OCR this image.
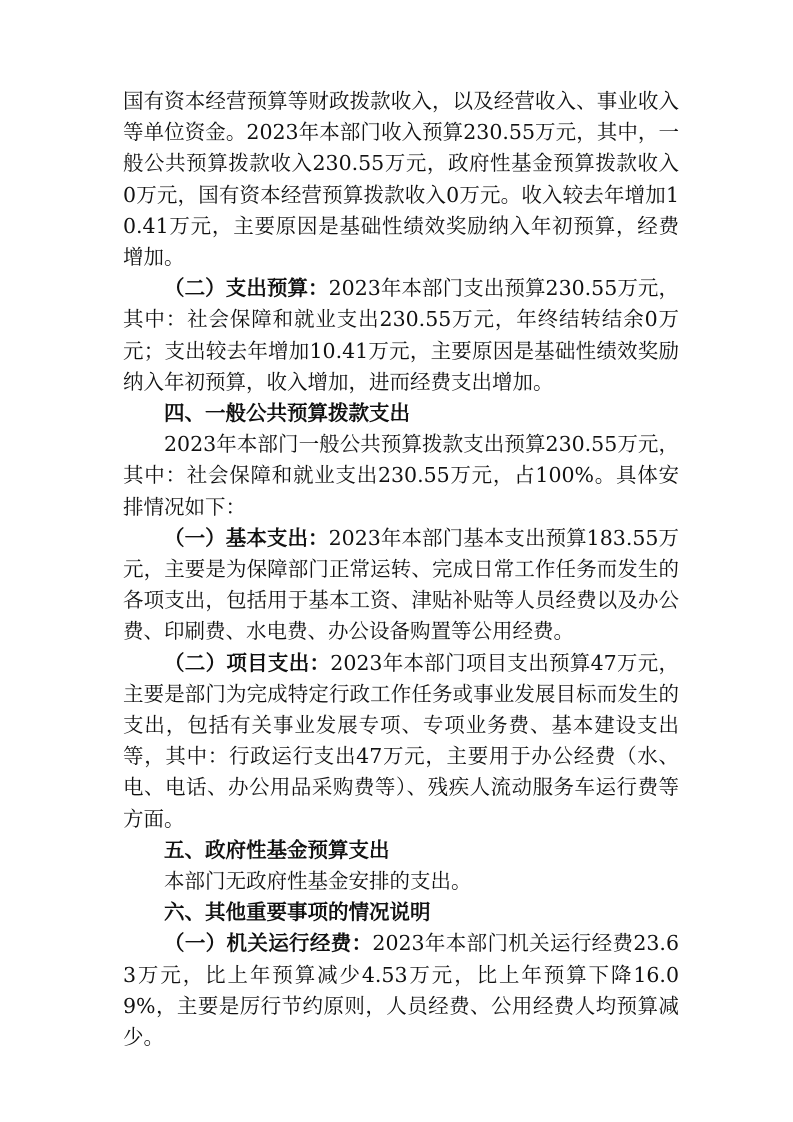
国有资本经营预算等财政拨款收入，以及经营收入、事业收入等单位资金。2023年本部门收入预算230.55万元，其中，一般公共预算拨款收入230.55万元，政府性基金预算拨款收入0万元，国有资本经营预算拨款收入0万元。收入较去年增加10.41万元，主要原因是基础性绩效奖励纳入年初预算，经费增加。

（二）支出预算：2023年本部门支出预算230.55万元，其中：社会保障和就业支出230.55万元，年终结转结余0万元；支出较去年增加10.41万元，主要原因是基础性绩效奖励纳入年初预算，收入增加，进而经费支出增加。

四、一般公共预算拨款支出

2023年本部门一般公共预算拨款支出预算230.55万元，其中：社会保障和就业支出230.55万元，占100%。具体安排情况如下：

（一）基本支出：2023年本部门基本支出预算183.55万元，主要是为保障部门正常运转、完成日常工作任务而发生的各项支出，包括用于基本工资、津贴补贴等人员经费以及办公费、印刷费、水电费、办公设备购置等公用经费。

（二）项目支出：2023年本部门项目支出预算47万元，主要是部门为完成特定行政工作任务或事业发展目标而发生的支出，包括有关事业发展专项、专项业务费、基本建设支出等，其中：行政运行支出47万元，主要用于办公经费（水、电、电话、办公用品采购费等）、残疾人流动服务车运行费等方面。

五、政府性基金预算支出

本部门无政府性基金安排的支出。

六、其他重要事项的情况说明

（一）机关运行经费：2023年本部门机关运行经费23.63万元，比上年预算减少4.53万元，比上年预算下降16.09%，主要是厉行节约原则，人员经费、公用经费人均预算减少。
